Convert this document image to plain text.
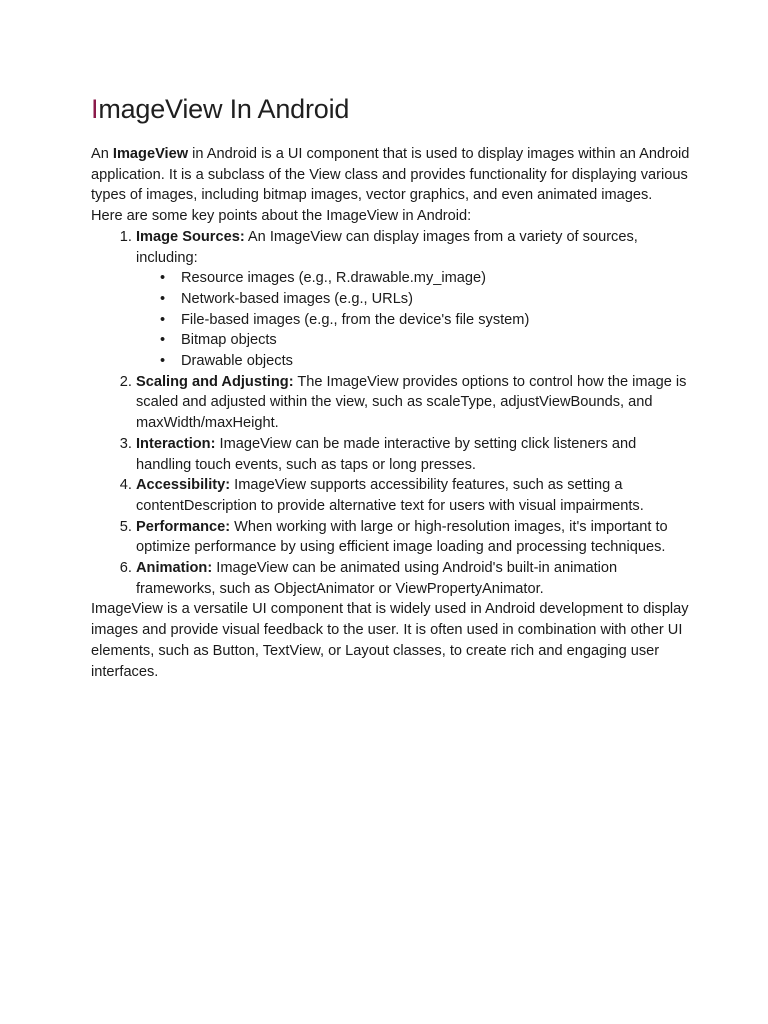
ImageView In Android

An ImageView in Android is a UI component that is used to display images within an Android application. It is a subclass of the View class and provides functionality for displaying various types of images, including bitmap images, vector graphics, and even animated images.

Here are some key points about the ImageView in Android:

1. Image Sources: An ImageView can display images from a variety of sources, including:
• Resource images (e.g., R.drawable.my_image)
• Network-based images (e.g., URLs)
• File-based images (e.g., from the device's file system)
• Bitmap objects
• Drawable objects
2. Scaling and Adjusting: The ImageView provides options to control how the image is scaled and adjusted within the view, such as scaleType, adjustViewBounds, and maxWidth/maxHeight.
3. Interaction: ImageView can be made interactive by setting click listeners and handling touch events, such as taps or long presses.
4. Accessibility: ImageView supports accessibility features, such as setting a contentDescription to provide alternative text for users with visual impairments.
5. Performance: When working with large or high-resolution images, it's important to optimize performance by using efficient image loading and processing techniques.
6. Animation: ImageView can be animated using Android's built-in animation frameworks, such as ObjectAnimator or ViewPropertyAnimator.

ImageView is a versatile UI component that is widely used in Android development to display images and provide visual feedback to the user. It is often used in combination with other UI elements, such as Button, TextView, or Layout classes, to create rich and engaging user interfaces.
